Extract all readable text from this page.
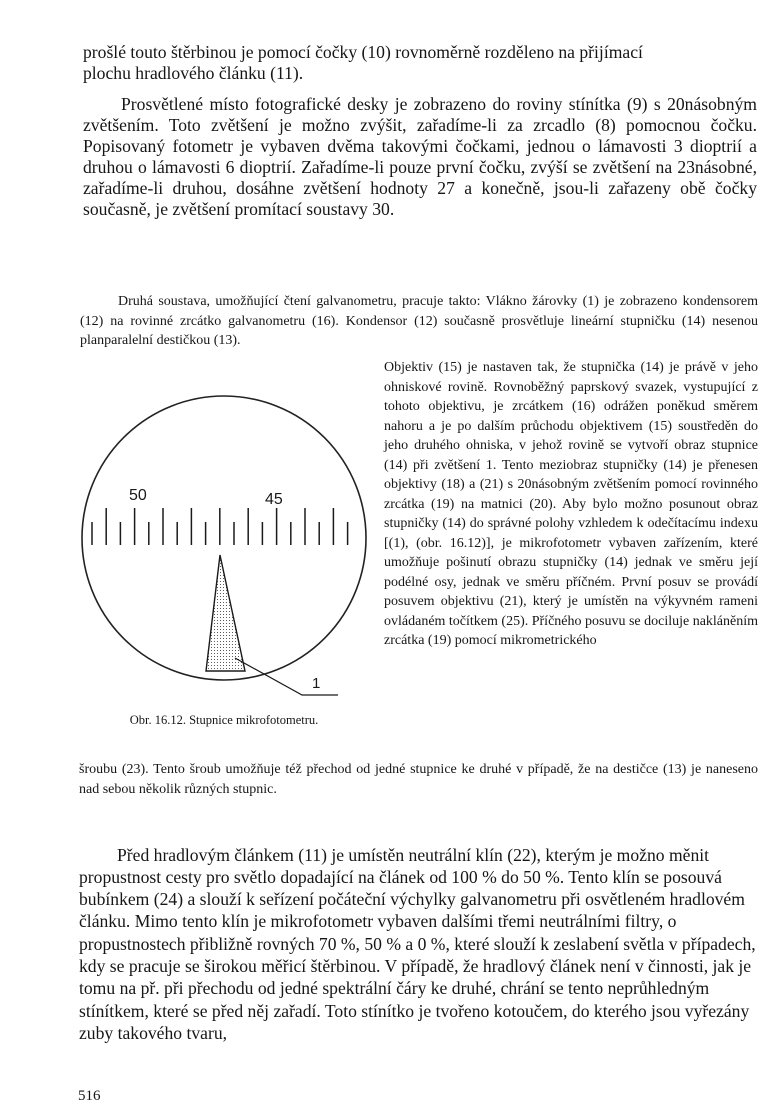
prošlé touto štěrbinou je pomocí čočky (10) rovnoměrně rozděleno na přijímací
plochu hradlového článku (11).

Prosvětlené místo fotografické desky je zobrazeno do roviny stínítka (9) s 20násobným zvětšením. Toto zvětšení je možno zvýšit, zařadíme-li za zrcadlo (8) pomocnou čočku. Popisovaný fotometr je vybaven dvěma takovými čočkami, jednou o lámavosti 3 dioptrií a druhou o lámavosti 6 dioptrií. Zařadíme-li pouze první čočku, zvýší se zvětšení na 23násobné, zařadíme-li druhou, dosáhne zvětšení hodnoty 27 a konečně, jsou-li zařazeny obě čočky současně, je zvětšení promítací soustavy 30.

Druhá soustava, umožňující čtení galvanometru, pracuje takto: Vlákno žárovky (1) je zobrazeno kondensorem (12) na rovinné zrcátko galvanometru (16). Kondensor (12) současně prosvětluje lineární stupničku (14) nesenou planparalelní destičkou (13).

50	45
1

Obr. 16.12. Stupnice mikrofotometru.

Objektiv (15) je nastaven tak, že stupnička (14) je právě v jeho ohniskové rovině. Rovnoběžný paprskový svazek, vystupující z tohoto objektivu, je zrcátkem (16) odrážen poněkud směrem nahoru a je po dalším průchodu objektivem (15) soustředěn do jeho druhého ohniska, v jehož rovině se vytvoří obraz stupnice (14) při zvětšení 1. Tento meziobraz stupničky (14) je přenesen objektivy (18) a (21) s 20násobným zvětšením pomocí rovinného zrcátka (19) na matnici (20). Aby bylo možno posunout obraz stupničky (14) do správné polohy vzhledem k odečítacímu indexu [(1), (obr. 16.12)], je mikrofotometr vybaven zařízením, které umožňuje pošinutí obrazu stupničky (14) jednak ve směru její podélné osy, jednak ve směru příčném. První posuv se provádí posuvem objektivu (21), který je umístěn na výkyvném rameni ovládaném točítkem (25). Příčného posuvu se dociluje nakláněním zrcátka (19) pomocí mikrometrického

šroubu (23). Tento šroub umožňuje též přechod od jedné stupnice ke druhé v případě, že na destičce (13) je naneseno nad sebou několik různých stupnic.

Před hradlovým článkem (11) je umístěn neutrální klín (22), kterým je možno měnit propustnost cesty pro světlo dopadající na článek od 100 % do 50 %. Tento klín se posouvá bubínkem (24) a slouží k seřízení počáteční výchylky galvanometru při osvětleném hradlovém článku. Mimo tento klín je mikrofotometr vybaven dalšími třemi neutrálními filtry, o propustnostech přibližně rovných 70 %, 50 % a 0 %, které slouží k zeslabení světla v případech, kdy se pracuje se širokou měřicí štěrbinou. V případě, že hradlový článek není v činnosti, jak je tomu na př. při přechodu od jedné spektrální čáry ke druhé, chrání se tento neprůhledným stínítkem, které se před něj zařadí. Toto stínítko je tvořeno kotoučem, do kterého jsou vyřezány zuby takového tvaru,

516
